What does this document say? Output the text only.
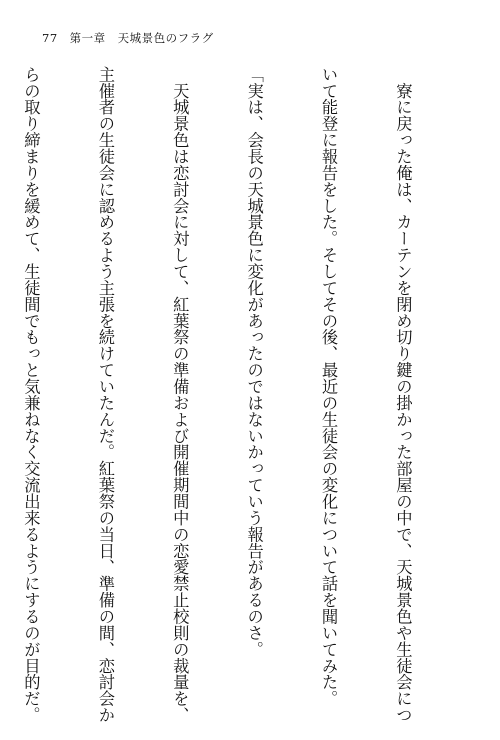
77 第一章　天城景色のフラグ

　寮に戻った俺は、カーテンを閉め切り鍵の掛かった部屋の中で、天城景色や生徒会につ

いて能登に報告をした。そしてその後、最近の生徒会の変化について話を聞いてみた。

「実は、会長の天城景色に変化があったのではないかっていう報告があるのさ。

　天城景色は恋討会に対して、紅葉祭の準備および開催期間中の恋愛禁止校則の裁量を、

主催者の生徒会に認めるよう主張を続けていたんだ。紅葉祭の当日、準備の間、恋討会か

らの取り締まりを緩めて、生徒間でもっと気兼ねなく交流出来るようにするのが目的だ。
